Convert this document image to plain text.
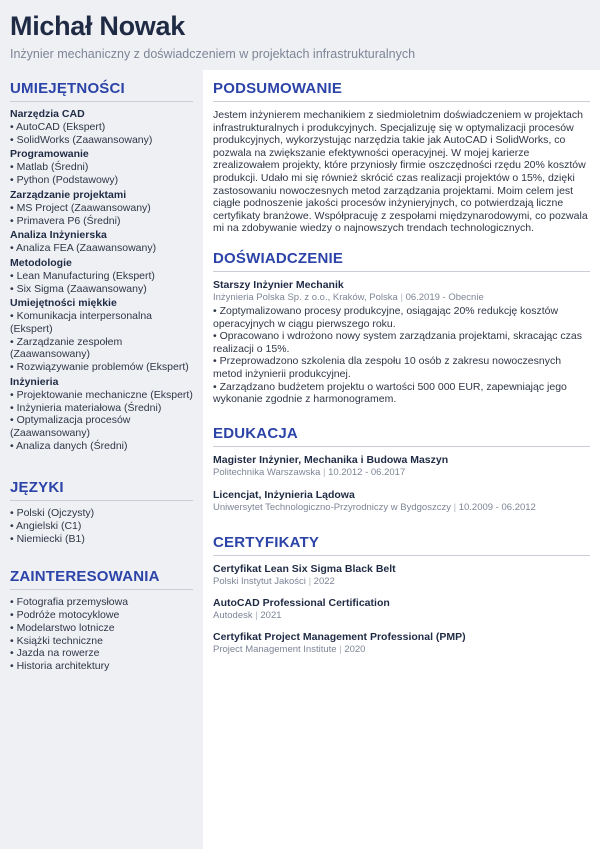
Michał Nowak
Inżynier mechaniczny z doświadczeniem w projektach infrastrukturalnych
UMIEJĘTNOŚCI
Narzędzia CAD
• AutoCAD (Ekspert)
• SolidWorks (Zaawansowany)
Programowanie
• Matlab (Średni)
• Python (Podstawowy)
Zarządzanie projektami
• MS Project (Zaawansowany)
• Primavera P6 (Średni)
Analiza Inżynierska
• Analiza FEA (Zaawansowany)
Metodologie
• Lean Manufacturing (Ekspert)
• Six Sigma (Zaawansowany)
Umiejętności miękkie
• Komunikacja interpersonalna (Ekspert)
• Zarządzanie zespołem (Zaawansowany)
• Rozwiązywanie problemów (Ekspert)
Inżynieria
• Projektowanie mechaniczne (Ekspert)
• Inżynieria materiałowa (Średni)
• Optymalizacja procesów (Zaawansowany)
• Analiza danych (Średni)
JĘZYKI
• Polski (Ojczysty)
• Angielski (C1)
• Niemiecki (B1)
ZAINTERESOWANIA
• Fotografia przemysłowa
• Podróże motocyklowe
• Modelarstwo lotnicze
• Książki techniczne
• Jazda na rowerze
• Historia architektury
PODSUMOWANIE
Jestem inżynierem mechanikiem z siedmioletnim doświadczeniem w projektach infrastrukturalnych i produkcyjnych. Specjalizuję się w optymalizacji procesów produkcyjnych, wykorzystując narzędzia takie jak AutoCAD i SolidWorks, co pozwala na zwiększanie efektywności operacyjnej. W mojej karierze zrealizowałem projekty, które przyniosły firmie oszczędności rzędu 20% kosztów produkcji. Udało mi się również skrócić czas realizacji projektów o 15%, dzięki zastosowaniu nowoczesnych metod zarządzania projektami. Moim celem jest ciągłe podnoszenie jakości procesów inżynieryjnych, co potwierdzają liczne certyfikaty branżowe. Współpracuję z zespołami międzynarodowymi, co pozwala mi na zdobywanie wiedzy o najnowszych trendach technologicznych.
DOŚWIADCZENIE
Starszy Inżynier Mechanik
Inżynieria Polska Sp. z o.o., Kraków, Polska | 06.2019 - Obecnie
• Zoptymalizowano procesy produkcyjne, osiągając 20% redukcję kosztów operacyjnych w ciągu pierwszego roku.
• Opracowano i wdrożono nowy system zarządzania projektami, skracając czas realizacji o 15%.
• Przeprowadzono szkolenia dla zespołu 10 osób z zakresu nowoczesnych metod inżynierii produkcyjnej.
• Zarządzano budżetem projektu o wartości 500 000 EUR, zapewniając jego wykonanie zgodnie z harmonogramem.
EDUKACJA
Magister Inżynier, Mechanika i Budowa Maszyn
Politechnika Warszawska | 10.2012 - 06.2017
Licencjat, Inżynieria Lądowa
Uniwersytet Technologiczno-Przyrodniczy w Bydgoszczy | 10.2009 - 06.2012
CERTYFIKATY
Certyfikat Lean Six Sigma Black Belt
Polski Instytut Jakości | 2022
AutoCAD Professional Certification
Autodesk | 2021
Certyfikat Project Management Professional (PMP)
Project Management Institute | 2020
